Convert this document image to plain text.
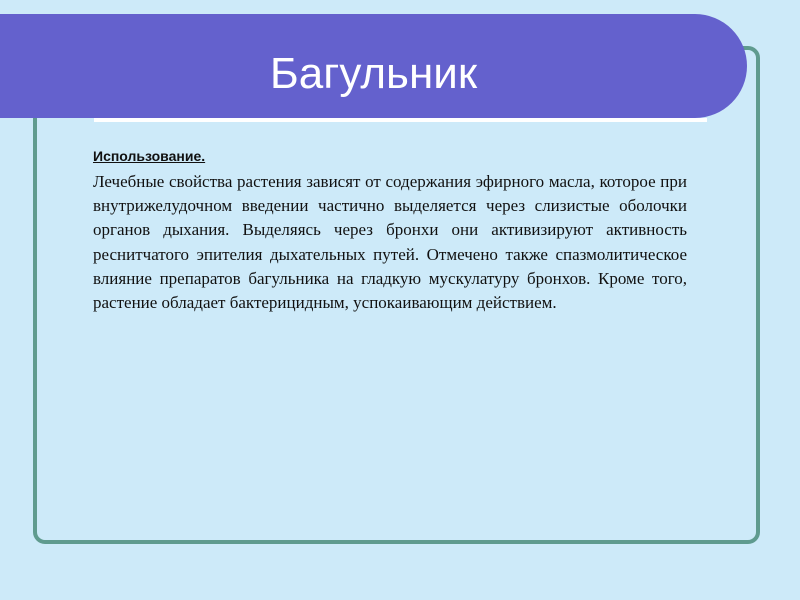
Багульник

Использование.

Лечебные свойства растения зависят от содержания эфирного масла, которое при внутрижелудочном введении частично выделяется через слизистые оболочки органов дыхания. Выделяясь через бронхи они активизируют активность реснитчатого эпителия дыхательных путей. Отмечено также спазмолитическое влияние препаратов багульника на гладкую мускулатуру бронхов. Кроме того, растение обладает бактерицидным, успокаивающим действием.
